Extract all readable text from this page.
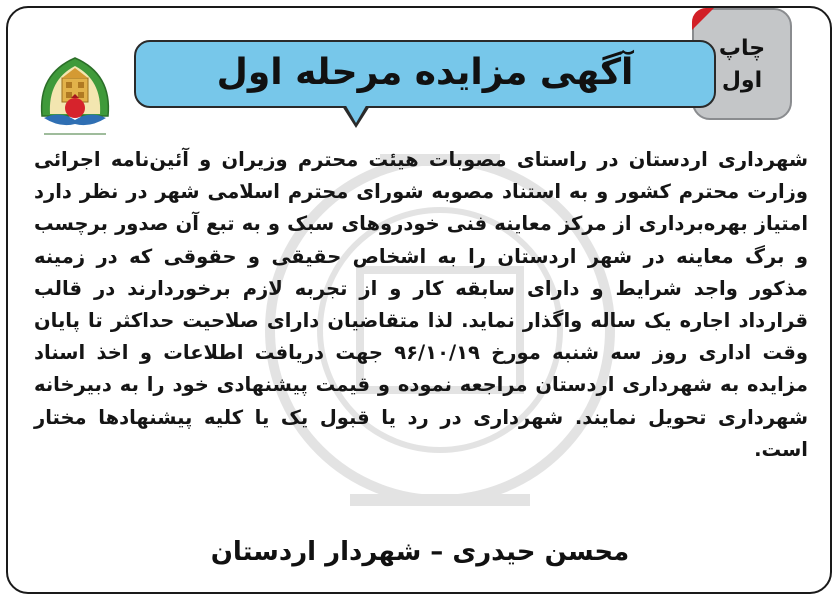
چاپ
اول
آگهی مزایده مرحله اول

شهرداری اردستان در راستای مصوبات هیئت محترم وزیران و آئین‌نامه اجرائی وزارت محترم کشور و به استناد مصوبه شورای محترم اسلامی شهر در نظر دارد امتیاز بهره‌برداری از مرکز معاینه فنی خودروهای سبک و به تبع آن صدور برچسب و برگ معاینه در شهر اردستان را به اشخاص حقیقی و حقوقی که در زمینه مذکور واجد شرایط و دارای سابقه کار و از تجربه لازم برخوردارند در قالب قرارداد اجاره یک ساله واگذار نماید. لذا متقاضیان دارای صلاحیت حداکثر تا پایان وقت اداری روز سه شنبه مورخ ۹۶/۱۰/۱۹ جهت دریافت اطلاعات و اخذ اسناد مزایده به شهرداری اردستان مراجعه نموده و قیمت پیشنهادی خود را به دبیرخانه شهرداری تحویل نمایند. شهرداری در رد یا قبول یک یا کلیه پیشنهادها مختار است.

محسن حیدری – شهردار اردستان
